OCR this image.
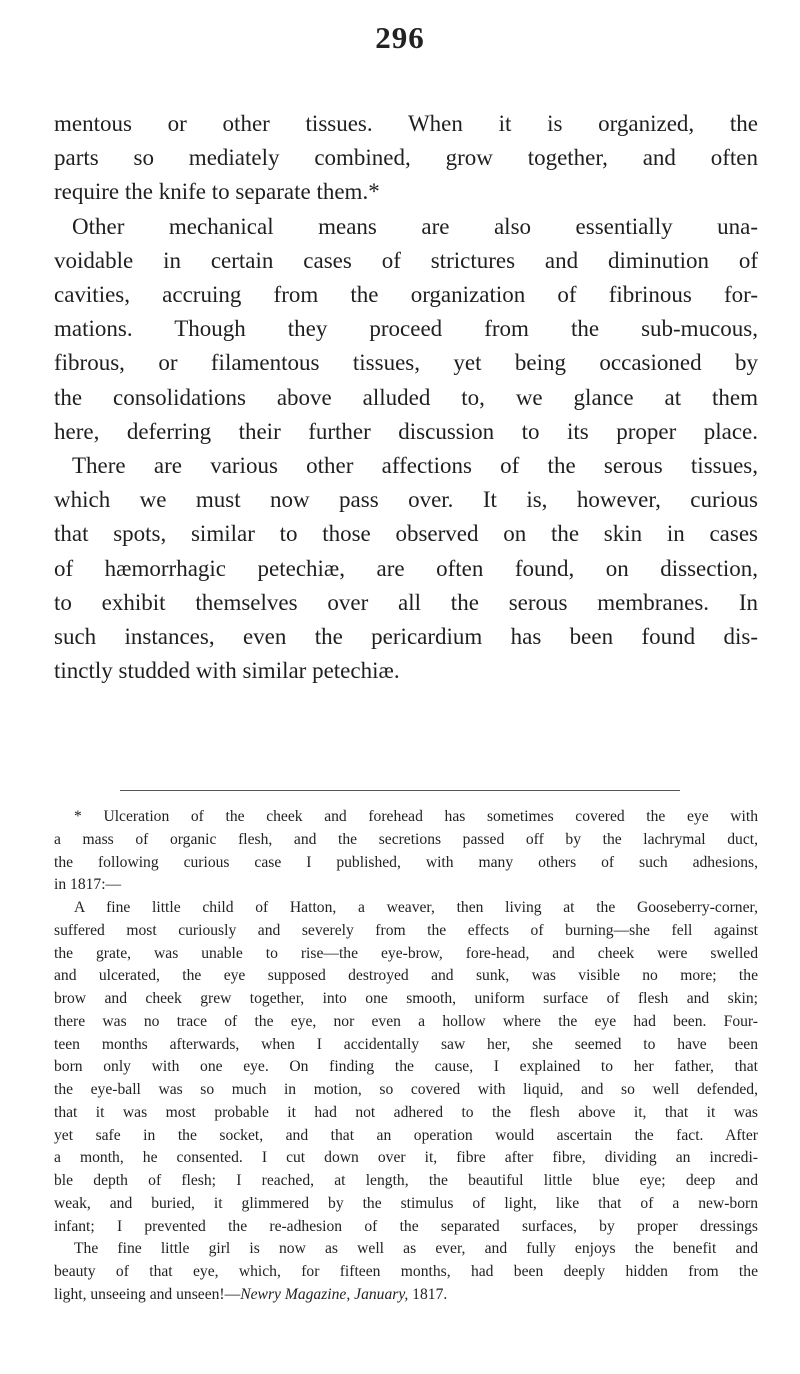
296
mentous or other tissues. When it is organized, the
parts so mediately combined, grow together, and often
require the knife to separate them.*
Other mechanical means are also essentially una-
voidable in certain cases of strictures and diminution of
cavities, accruing from the organization of fibrinous for-
mations. Though they proceed from the sub-mucous,
fibrous, or filamentous tissues, yet being occasioned by
the consolidations above alluded to, we glance at them
here, deferring their further discussion to its proper place.
There are various other affections of the serous tissues,
which we must now pass over. It is, however, curious
that spots, similar to those observed on the skin in cases
of hæmorrhagic petechiæ, are often found, on dissection,
to exhibit themselves over all the serous membranes. In
such instances, even the pericardium has been found dis-
tinctly studded with similar petechiæ.
* Ulceration of the cheek and forehead has sometimes covered the eye with
a mass of organic flesh, and the secretions passed off by the lachrymal duct,
the following curious case I published, with many others of such adhesions,
in 1817:—
A fine little child of Hatton, a weaver, then living at the Gooseberry-corner,
suffered most curiously and severely from the effects of burning—she fell against
the grate, was unable to rise—the eye-brow, fore-head, and cheek were swelled
and ulcerated, the eye supposed destroyed and sunk, was visible no more; the
brow and cheek grew together, into one smooth, uniform surface of flesh and skin;
there was no trace of the eye, nor even a hollow where the eye had been. Four-
teen months afterwards, when I accidentally saw her, she seemed to have been
born only with one eye. On finding the cause, I explained to her father, that
the eye-ball was so much in motion, so covered with liquid, and so well defended,
that it was most probable it had not adhered to the flesh above it, that it was
yet safe in the socket, and that an operation would ascertain the fact. After
a month, he consented. I cut down over it, fibre after fibre, dividing an incredi-
ble depth of flesh; I reached, at length, the beautiful little blue eye; deep and
weak, and buried, it glimmered by the stimulus of light, like that of a new-born
infant; I prevented the re-adhesion of the separated surfaces, by proper dressings
The fine little girl is now as well as ever, and fully enjoys the benefit and
beauty of that eye, which, for fifteen months, had been deeply hidden from the
light, unseeing and unseen!—Newry Magazine, January, 1817.
